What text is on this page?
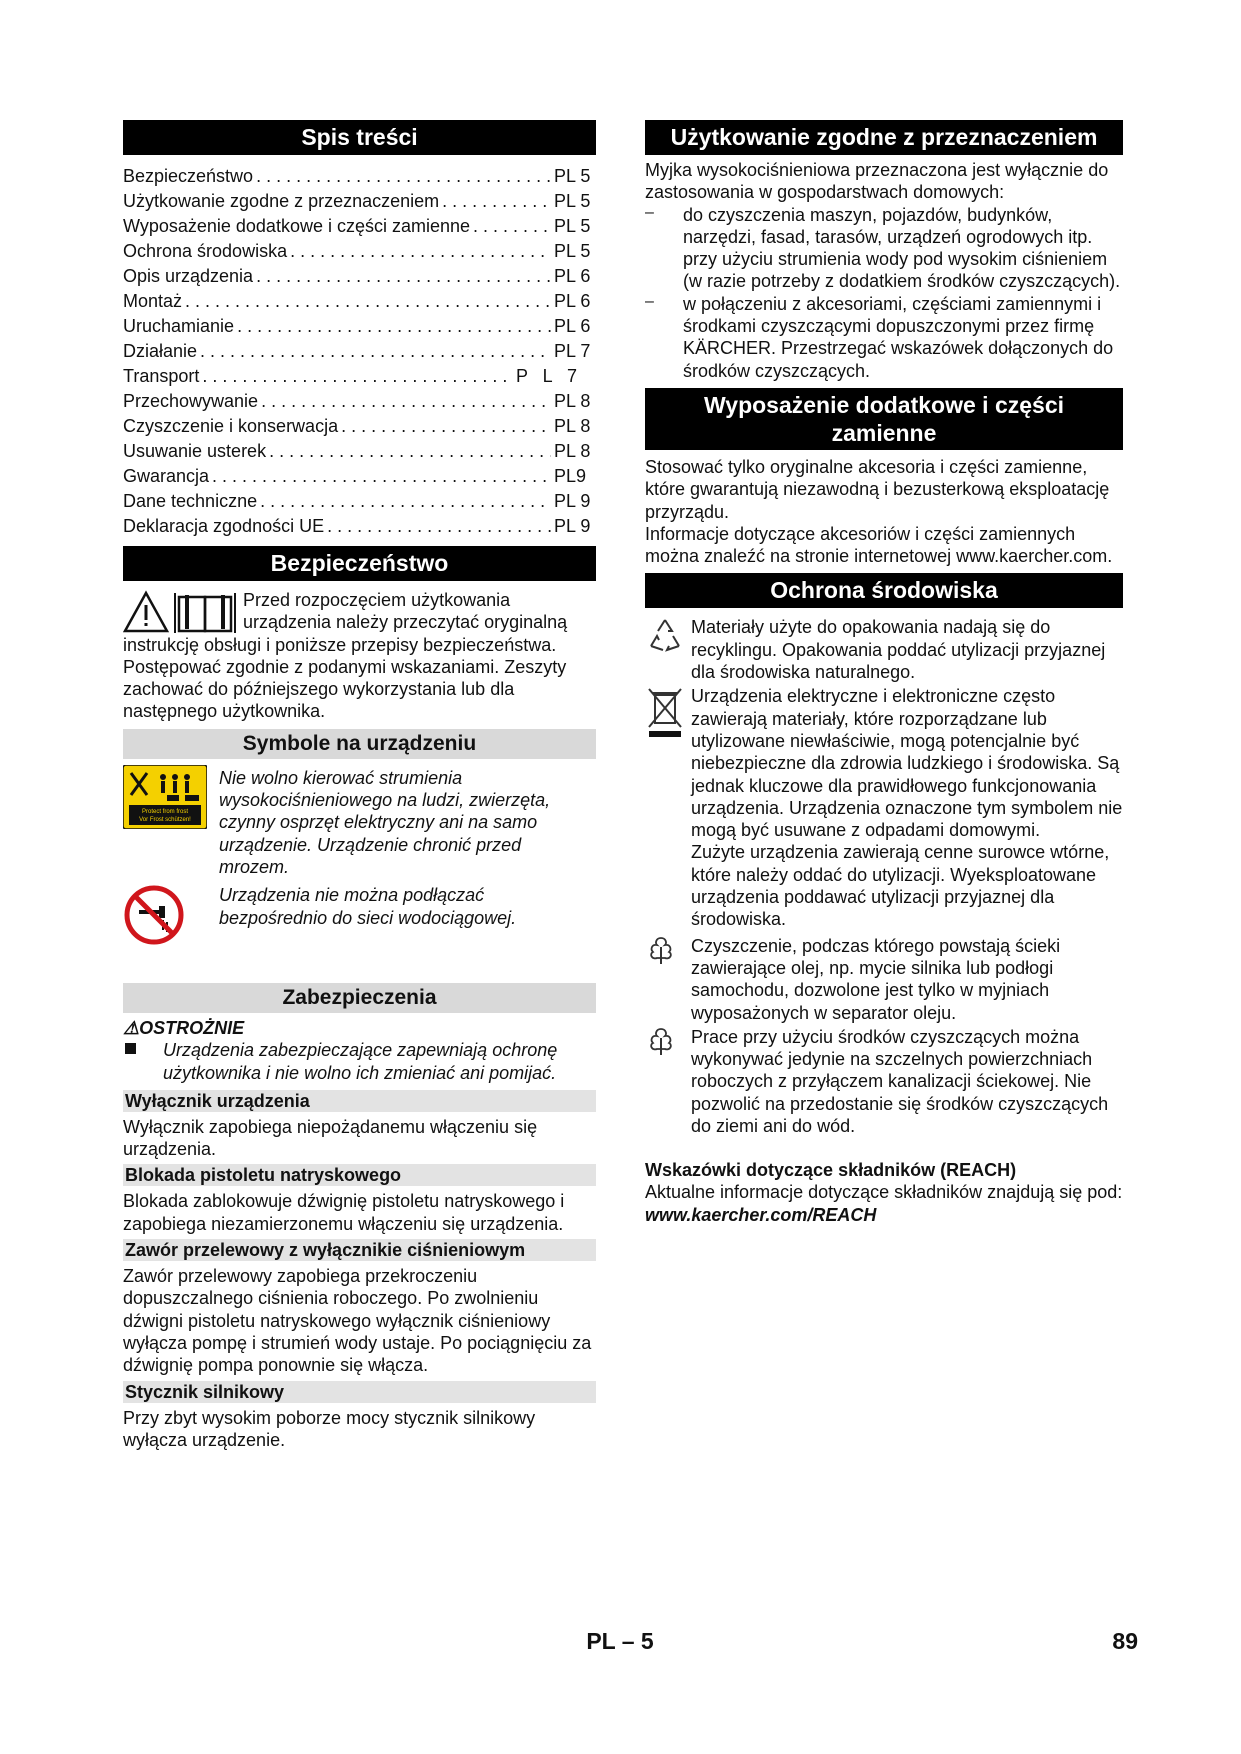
Spis treści
Bezpieczeństwo . . .	PL 5
Użytkowanie zgodne z przeznaczeniem . . .	PL 5
Wyposażenie dodatkowe i części zamienne . . .	PL 5
Ochrona środowiska . . .	PL 5
Opis urządzenia . . .	PL 6
Montaż . . .	PL 6
Uruchamianie . . .	PL 6
Działanie . . .	PL 7
Transport . . .	P   L   7
Przechowywanie . . .	PL 8
Czyszczenie i konserwacja . . .	PL 8
Usuwanie usterek . . .	PL 8
Gwarancja . . .	PL9
Dane techniczne . . .	PL 9
Deklaracja zgodności UE . . .	PL 9
Bezpieczeństwo

Przed rozpoczęciem użytkowania urządzenia należy przeczytać oryginalną instrukcję obsługi i poniższe przepisy bezpieczeństwa. Postępować zgodnie z podanymi wskazaniami. Zeszyty zachować do późniejszego wykorzystania lub dla następnego użytkownika.

Symbole na urządzeniu
Protect from frost
Vor Frost schützen!

Nie wolno kierować strumienia wysokociśnieniowego na ludzi, zwierzęta, czynny osprzęt elektryczny ani na samo urządzenie. Urządzenie chronić przed mrozem.

Urządzenia nie można podłączać bezpośrednio do sieci wodociągowej.

Zabezpieczenia
⚠OSTROŻNIE

Urządzenia zabezpieczające zapewniają ochronę użytkownika i nie wolno ich zmieniać ani pomijać.

Wyłącznik urządzenia

Wyłącznik zapobiega niepożądanemu włączeniu się urządzenia.

Blokada pistoletu natryskowego

Blokada zablokowuje dźwignię pistoletu natryskowego i zapobiega niezamierzonemu włączeniu się urządzenia.

Zawór przelewowy z wyłącznikie ciśnieniowym

Zawór przelewowy zapobiega przekroczeniu dopuszczalnego ciśnienia roboczego. Po zwolnieniu dźwigni pistoletu natryskowego wyłącznik ciśnieniowy wyłącza pompę i strumień wody ustaje. Po pociągnięciu za dźwignię pompa ponownie się włącza.

Stycznik silnikowy

Przy zbyt wysokim poborze mocy stycznik silnikowy wyłącza urządzenie.

Użytkowanie zgodne z przeznaczeniem

Myjka wysokociśnieniowa przeznaczona jest wyłącznie do zastosowania w gospodarstwach domowych:

– do czyszczenia maszyn, pojazdów, budynków, narzędzi, fasad, tarasów, urządzeń ogrodowych itp. przy użyciu strumienia wody pod wysokim ciśnieniem (w razie potrzeby z dodatkiem środków czyszczących).

– w połączeniu z akcesoriami, częściami zamiennymi i środkami czyszczącymi dopuszczonymi przez firmę KÄRCHER. Przestrzegać wskazówek dołączonych do środków czyszczących.

Wyposażenie dodatkowe i części zamienne

Stosować tylko oryginalne akcesoria i części zamienne, które gwarantują niezawodną i bezusterkową eksploatację przyrządu.

Informacje dotyczące akcesoriów i części zamiennych można znaleźć na stronie internetowej www.kaercher.com.

Ochrona środowiska

Materiały użyte do opakowania nadają się do recyklingu. Opakowania poddać utylizacji przyjaznej dla środowiska naturalnego.

Urządzenia elektryczne i elektroniczne często zawierają materiały, które rozporządzane lub utylizowane niewłaściwie, mogą potencjalnie być niebezpieczne dla zdrowia ludzkiego i środowiska. Są jednak kluczowe dla prawidłowego funkcjonowania urządzenia. Urządzenia oznaczone tym symbolem nie mogą być usuwane z odpadami domowymi.

Zużyte urządzenia zawierają cenne surowce wtórne, które należy oddać do utylizacji. Wyeksploatowane urządzenia poddawać utylizacji przyjaznej dla środowiska.

Czyszczenie, podczas którego powstają ścieki zawierające olej, np. mycie silnika lub podłogi samochodu, dozwolone jest tylko w myjniach wyposażonych w separator oleju.

Prace przy użyciu środków czyszczących można wykonywać jedynie na szczelnych powierzchniach roboczych z przyłączem kanalizacji ściekowej. Nie pozwolić na przedostanie się środków czyszczących do ziemi ani do wód.

Wskazówki dotyczące składników (REACH)

Aktualne informacje dotyczące składników znajdują się pod:

www.kaercher.com/REACH

PL – 5	89
